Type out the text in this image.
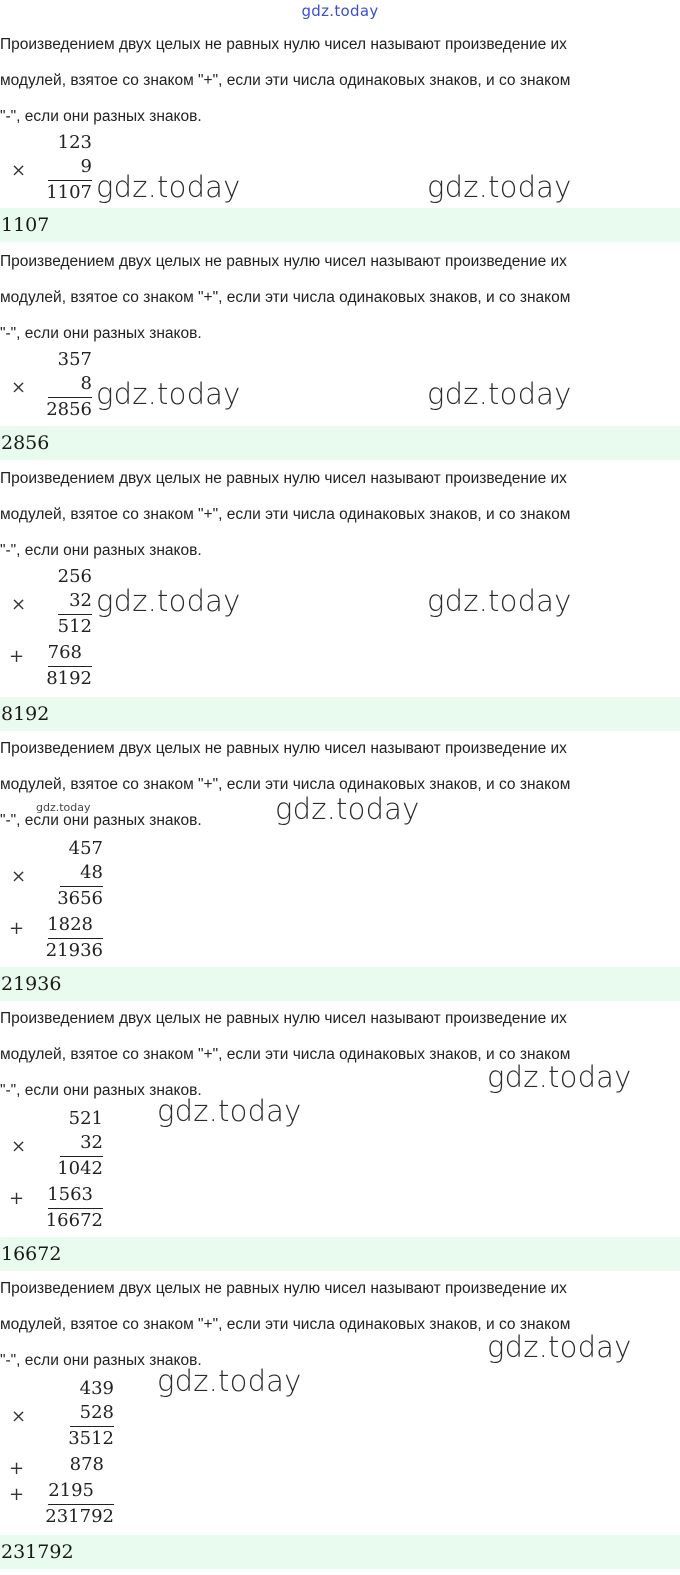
gdz.today
Произведением двух целых не равных нулю чисел называют произведение их
модулей, взятое со знаком "+", если эти числа одинаковых знаков, и со знаком
"-", если они разных знаков.
123
×	9
1107 gdz.today	gdz.today
1107
Произведением двух целых не равных нулю чисел называют произведение их
модулей, взятое со знаком "+", если эти числа одинаковых знаков, и со знаком
"-", если они разных знаков.
357
×	8
2856 gdz.today	gdz.today
2856
Произведением двух целых не равных нулю чисел называют произведение их
модулей, взятое со знаком "+", если эти числа одинаковых знаков, и со знаком
"-", если они разных знаков.
256
×	32
512
+	768
8192
gdz.today	gdz.today
8192
Произведением двух целых не равных нулю чисел называют произведение их
модулей, взятое со знаком "+", если эти числа одинаковых знаков, и со знаком
"-", если они разных знаков.
gdz.today	gdz.today
457
×	48
3656
+	1828
21936
21936
Произведением двух целых не равных нулю чисел называют произведение их
модулей, взятое со знаком "+", если эти числа одинаковых знаков, и со знаком
"-", если они разных знаков.	gdz.today
gdz.today
521
×	32
1042
+	1563
16672
16672
Произведением двух целых не равных нулю чисел называют произведение их
модулей, взятое со знаком "+", если эти числа одинаковых знаков, и со знаком
"-", если они разных знаков.	gdz.today
gdz.today
439
×	528
3512
+	878
+	2195
231792
231792
